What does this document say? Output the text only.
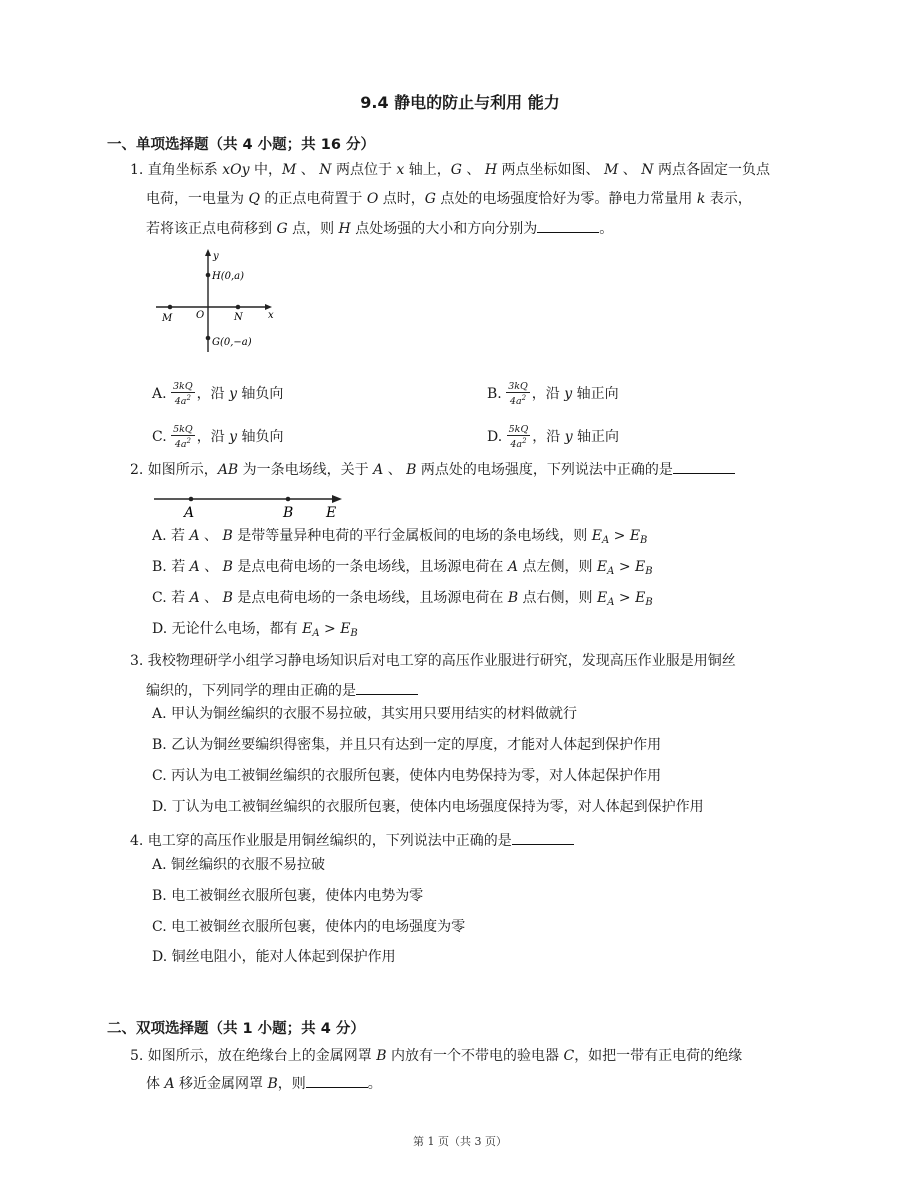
9.4 静电的防止与利用 能力
一、单项选择题（共 4 小题；共 16 分）
1. 直角坐标系 xOy 中，M 、 N 两点位于 x 轴上，G 、 H 两点坐标如图、 M 、 N 两点各固定一负点
电荷，一电量为 Q 的正点电荷置于 O 点时，G 点处的电场强度恰好为零。静电力常量用 k 表示，
若将该正点电荷移到 G 点，则 H 点处场强的大小和方向分别为	。
y
x
H(0,a)
G(0,−a)
M O	N
A. $\frac{3kQ}{4a^2}$ ，沿 y 轴负向	B. $\frac{3kQ}{4a^2}$ ，沿 y 轴正向
C. $\frac{5kQ}{4a^2}$ ，沿 y 轴负向	D. $\frac{5kQ}{4a^2}$ ，沿 y 轴正向
2. 如图所示，AB 为一条电场线，关于 A 、 B 两点处的电场强度，下列说法中正确的是
A	B E
A. 若 A 、 B 是带等量异种电荷的平行金属板间的电场的条电场线，则 $E_A > E_B$
B. 若 A 、 B 是点电荷电场的一条电场线，且场源电荷在 A 点左侧，则 $E_A > E_B$
C. 若 A 、 B 是点电荷电场的一条电场线，且场源电荷在 B 点右侧，则 $E_A > E_B$
D. 无论什么电场，都有 $E_A > E_B$
3. 我校物理研学小组学习静电场知识后对电工穿的高压作业服进行研究，发现高压作业服是用铜丝
编织的，下列同学的理由正确的是
A. 甲认为铜丝编织的衣服不易拉破，其实用只要用结实的材料做就行
B. 乙认为铜丝要编织得密集，并且只有达到一定的厚度，才能对人体起到保护作用
C. 丙认为电工被铜丝编织的衣服所包裹，使体内电势保持为零，对人体起保护作用
D. 丁认为电工被铜丝编织的衣服所包裹，使体内电场强度保持为零，对人体起到保护作用
4. 电工穿的高压作业服是用铜丝编织的，下列说法中正确的是
A. 铜丝编织的衣服不易拉破
B. 电工被铜丝衣服所包裹，使体内电势为零
C. 电工被铜丝衣服所包裹，使体内的电场强度为零
D. 铜丝电阻小，能对人体起到保护作用
二、双项选择题（共 1 小题；共 4 分）
5. 如图所示，放在绝缘台上的金属网罩 B 内放有一个不带电的验电器 C，如把一带有正电荷的绝缘
体 A 移近金属网罩 B，则	。
第 1 页（共 3 页）
